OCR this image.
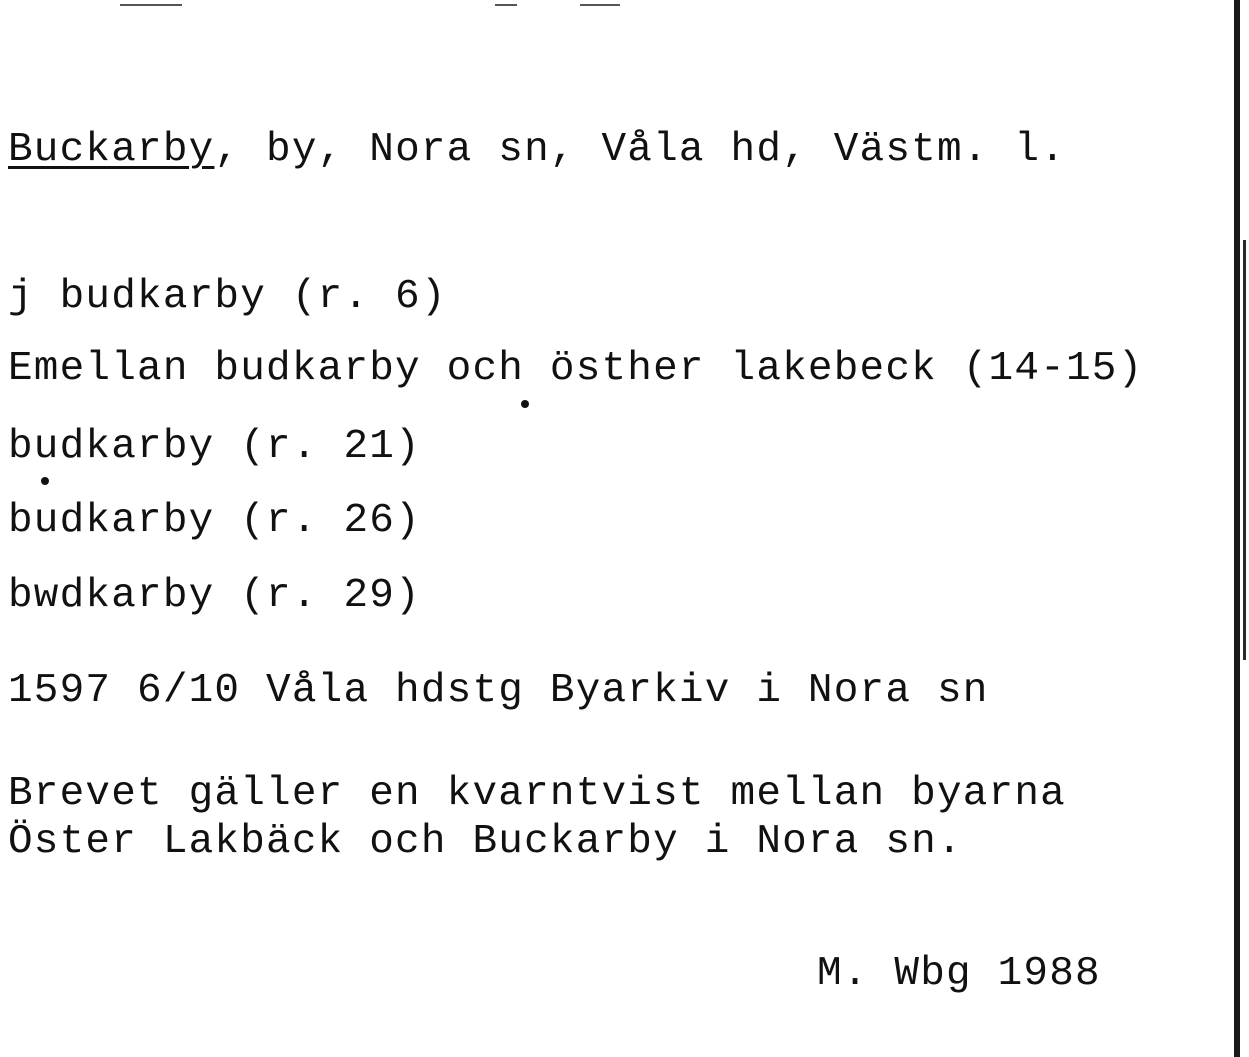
Buckarby, by, Nora sn, Våla hd, Västm. l.
j budkarby (r. 6)
Emellan budkarby och östher lakebeck (14-15)
budkarby (r. 21)
budkarby (r. 26)
bwdkarby (r. 29)
1597 6/10 Våla hdstg Byarkiv i Nora sn
Brevet gäller en kvarntvist mellan byarna
Öster Lakbäck och Buckarby i Nora sn.
M. Wbg 1988
